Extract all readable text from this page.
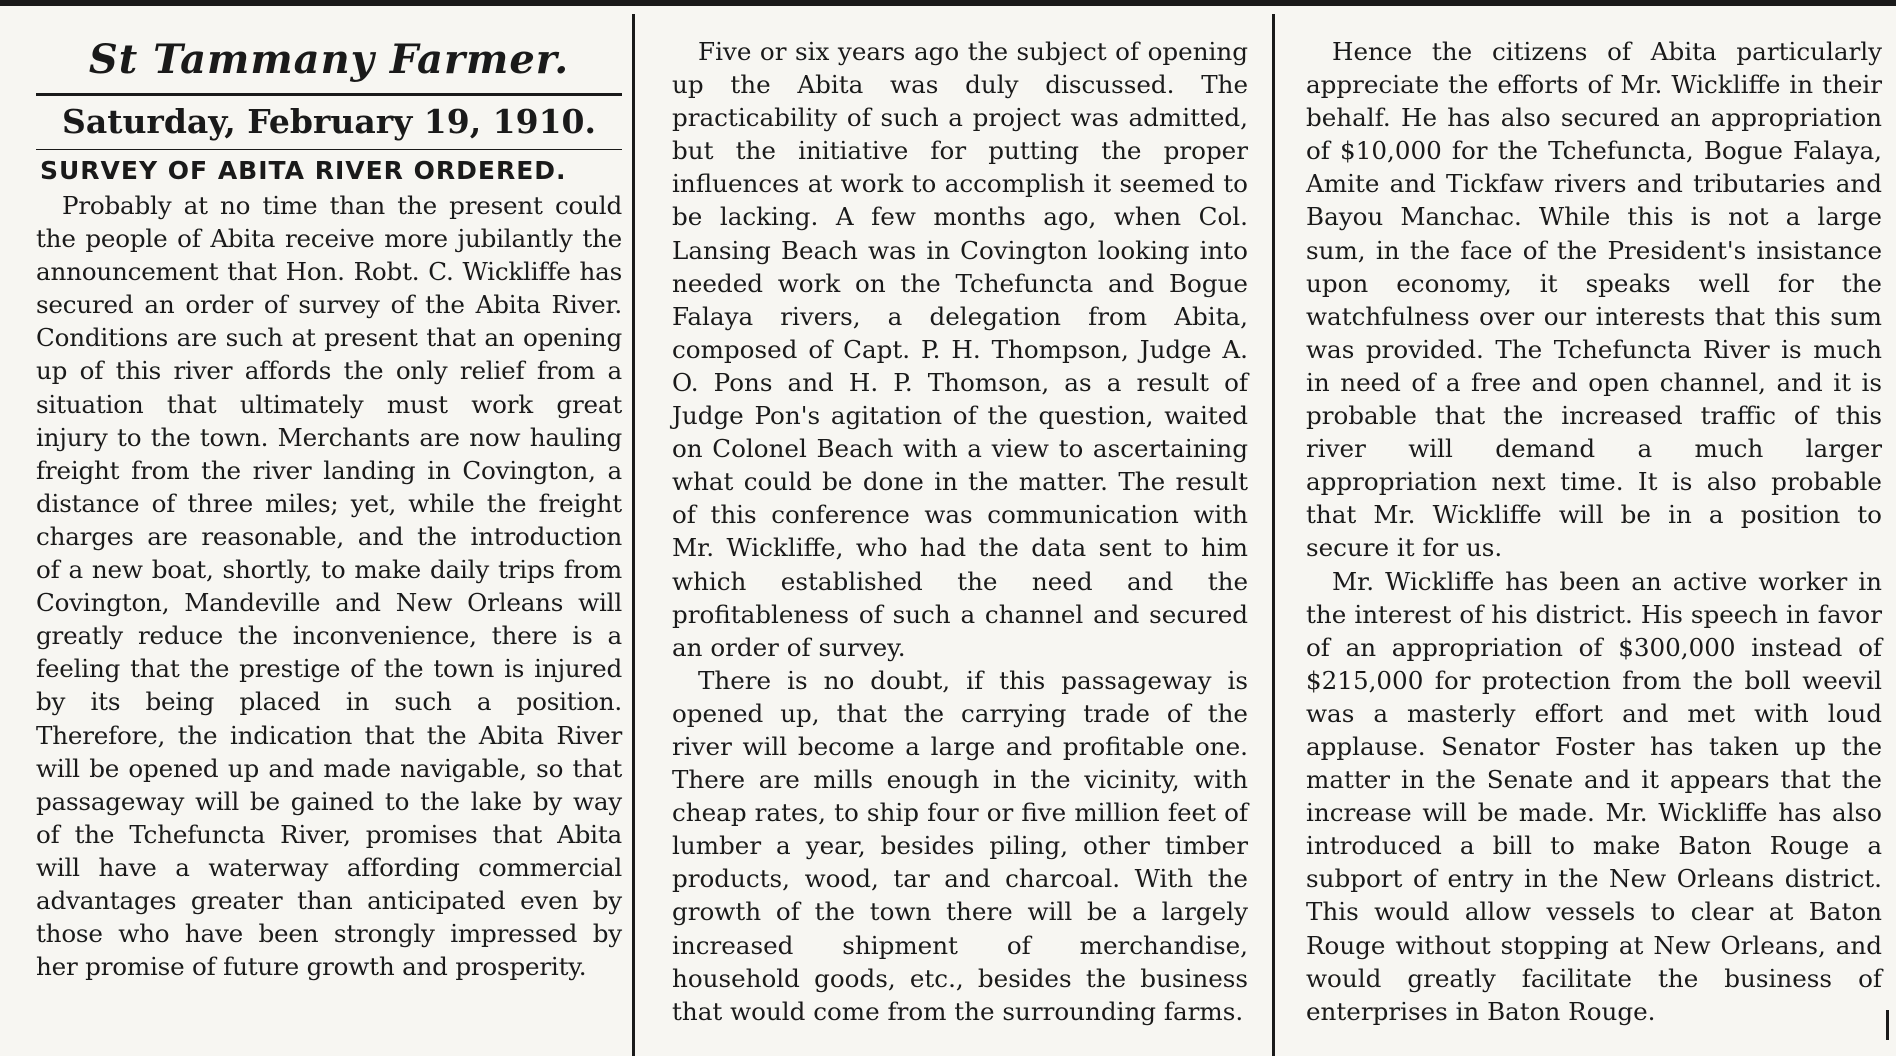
St Tammany Farmer.
Saturday, February 19, 1910.
SURVEY OF ABITA RIVER ORDERED.

Probably at no time than the present could the people of Abita receive more jubilantly the announcement that Hon. Robt. C. Wickliffe has secured an order of survey of the Abita River. Conditions are such at present that an opening up of this river affords the only relief from a situation that ultimately must work great injury to the town. Merchants are now hauling freight from the river landing in Covington, a distance of three miles; yet, while the freight charges are reasonable, and the introduction of a new boat, shortly, to make daily trips from Covington, Mandeville and New Orleans will greatly reduce the inconvenience, there is a feeling that the prestige of the town is injured by its being placed in such a position. Therefore, the indication that the Abita River will be opened up and made navigable, so that passageway will be gained to the lake by way of the Tchefuncta River, promises that Abita will have a waterway affording commercial advantages greater than anticipated even by those who have been strongly impressed by her promise of future growth and prosperity.

Five or six years ago the subject of opening up the Abita was duly discussed. The practicability of such a project was admitted, but the initiative for putting the proper influences at work to accomplish it seemed to be lacking. A few months ago, when Col. Lansing Beach was in Covington looking into needed work on the Tchefuncta and Bogue Falaya rivers, a delegation from Abita, composed of Capt. P. H. Thompson, Judge A. O. Pons and H. P. Thomson, as a result of Judge Pon's agitation of the question, waited on Colonel Beach with a view to ascertaining what could be done in the matter. The result of this conference was communication with Mr. Wickliffe, who had the data sent to him which established the need and the profitableness of such a channel and secured an order of survey.

There is no doubt, if this passageway is opened up, that the carrying trade of the river will become a large and profitable one. There are mills enough in the vicinity, with cheap rates, to ship four or five million feet of lumber a year, besides piling, other timber products, wood, tar and charcoal. With the growth of the town there will be a largely increased shipment of merchandise, household goods, etc., besides the business that would come from the surrounding farms.

Hence the citizens of Abita particularly appreciate the efforts of Mr. Wickliffe in their behalf. He has also secured an appropriation of $10,000 for the Tchefuncta, Bogue Falaya, Amite and Tickfaw rivers and tributaries and Bayou Manchac. While this is not a large sum, in the face of the President's insistance upon economy, it speaks well for the watchfulness over our interests that this sum was provided. The Tchefuncta River is much in need of a free and open channel, and it is probable that the increased traffic of this river will demand a much larger appropriation next time. It is also probable that Mr. Wickliffe will be in a position to secure it for us.

Mr. Wickliffe has been an active worker in the interest of his district. His speech in favor of an appropriation of $300,000 instead of $215,000 for protection from the boll weevil was a masterly effort and met with loud applause. Senator Foster has taken up the matter in the Senate and it appears that the increase will be made. Mr. Wickliffe has also introduced a bill to make Baton Rouge a subport of entry in the New Orleans district. This would allow vessels to clear at Baton Rouge without stopping at New Orleans, and would greatly facilitate the business of enterprises in Baton Rouge.
